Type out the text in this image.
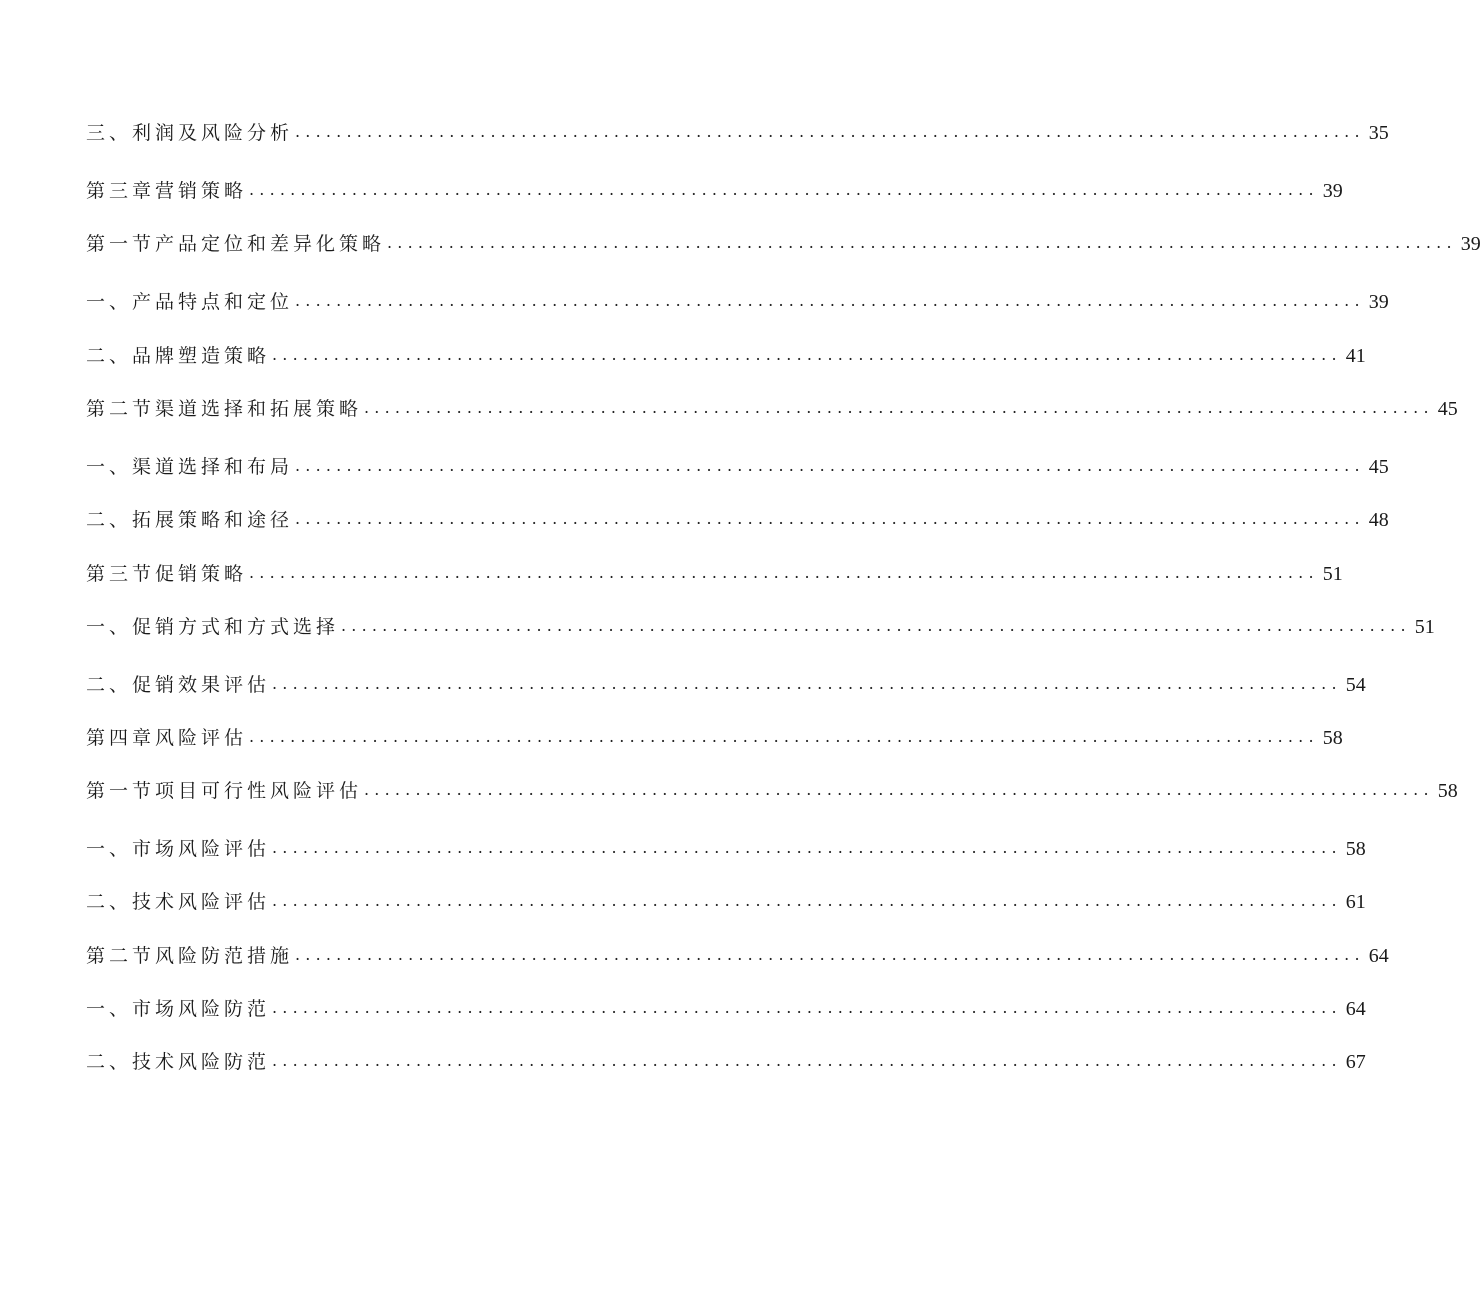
三、利润及风险分析 ........................................................................................................ 35
第三章营销策略 ........................................................................................................ 39
第一节产品定位和差异化策略 ........................................................................................................ 39
一、产品特点和定位 ........................................................................................................ 39
二、品牌塑造策略 ........................................................................................................ 41
第二节渠道选择和拓展策略 ........................................................................................................ 45
一、渠道选择和布局 ........................................................................................................ 45
二、拓展策略和途径 ........................................................................................................ 48
第三节促销策略 ........................................................................................................ 51
一、促销方式和方式选择 ........................................................................................................ 51
二、促销效果评估 ........................................................................................................ 54
第四章风险评估 ........................................................................................................ 58
第一节项目可行性风险评估 ........................................................................................................ 58
一、市场风险评估 ........................................................................................................ 58
二、技术风险评估 ........................................................................................................ 61
第二节风险防范措施 ........................................................................................................ 64
一、市场风险防范 ........................................................................................................ 64
二、技术风险防范 ........................................................................................................ 67
